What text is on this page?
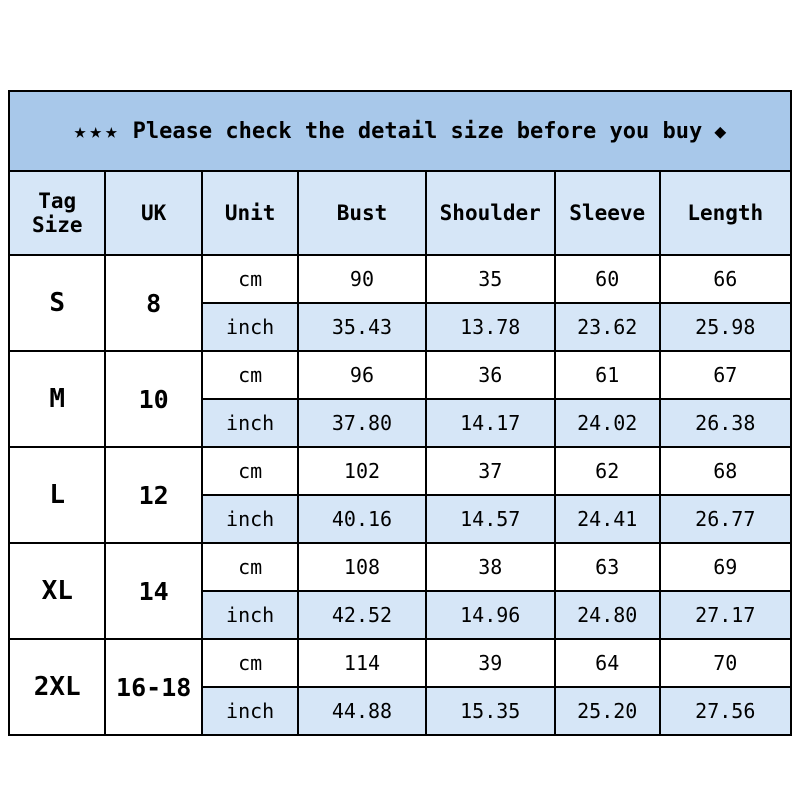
★★★ Please check the detail size before you buy ◆						

Tag
Size	UK	Unit	Bust	Shoulder	Sleeve	Length
S	8	cm	90	35	60	66
		inch	35.43	13.78	23.62	25.98
M	10	cm	96	36	61	67
		inch	37.80	14.17	24.02	26.38
L	12	cm	102	37	62	68
		inch	40.16	14.57	24.41	26.77
XL	14	cm	108	38	63	69
		inch	42.52	14.96	24.80	27.17
2XL	16-18	cm	114	39	64	70
		inch	44.88	15.35	25.20	27.56
